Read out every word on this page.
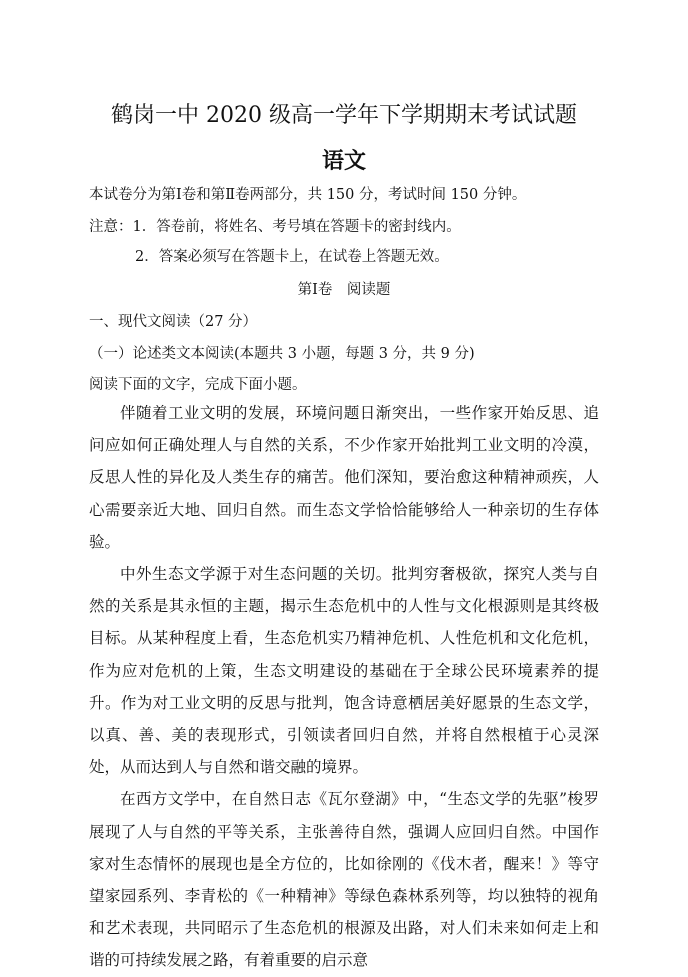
鹤岗一中 2020 级高一学年下学期期末考试试题
语文
本试卷分为第Ⅰ卷和第Ⅱ卷两部分，共 150 分，考试时间 150 分钟。
注意：1．答卷前，将姓名、考号填在答题卡的密封线内。
2．答案必须写在答题卡上，在试卷上答题无效。
第Ⅰ卷　阅读题
一、现代文阅读（27 分）
（一）论述类文本阅读(本题共 3 小题，每题 3 分，共 9 分)
阅读下面的文字，完成下面小题。

伴随着工业文明的发展，环境问题日渐突出，一些作家开始反思、追问应如何正确处理人与自然的关系，不少作家开始批判工业文明的冷漠，反思人性的异化及人类生存的痛苦。他们深知，要治愈这种精神顽疾，人心需要亲近大地、回归自然。而生态文学恰恰能够给人一种亲切的生存体验。

中外生态文学源于对生态问题的关切。批判穷奢极欲，探究人类与自然的关系是其永恒的主题，揭示生态危机中的人性与文化根源则是其终极目标。从某种程度上看，生态危机实乃精神危机、人性危机和文化危机，作为应对危机的上策，生态文明建设的基础在于全球公民环境素养的提升。作为对工业文明的反思与批判，饱含诗意栖居美好愿景的生态文学，以真、善、美的表现形式，引领读者回归自然，并将自然根植于心灵深处，从而达到人与自然和谐交融的境界。

在西方文学中，在自然日志《瓦尔登湖》中，“生态文学的先驱”梭罗展现了人与自然的平等关系，主张善待自然，强调人应回归自然。中国作家对生态情怀的展现也是全方位的，比如徐刚的《伐木者，醒来！》等守望家园系列、李青松的《一种精神》等绿色森林系列等，均以独特的视角和艺术表现，共同昭示了生态危机的根源及出路，对人们未来如何走上和谐的可持续发展之路，有着重要的启示意
